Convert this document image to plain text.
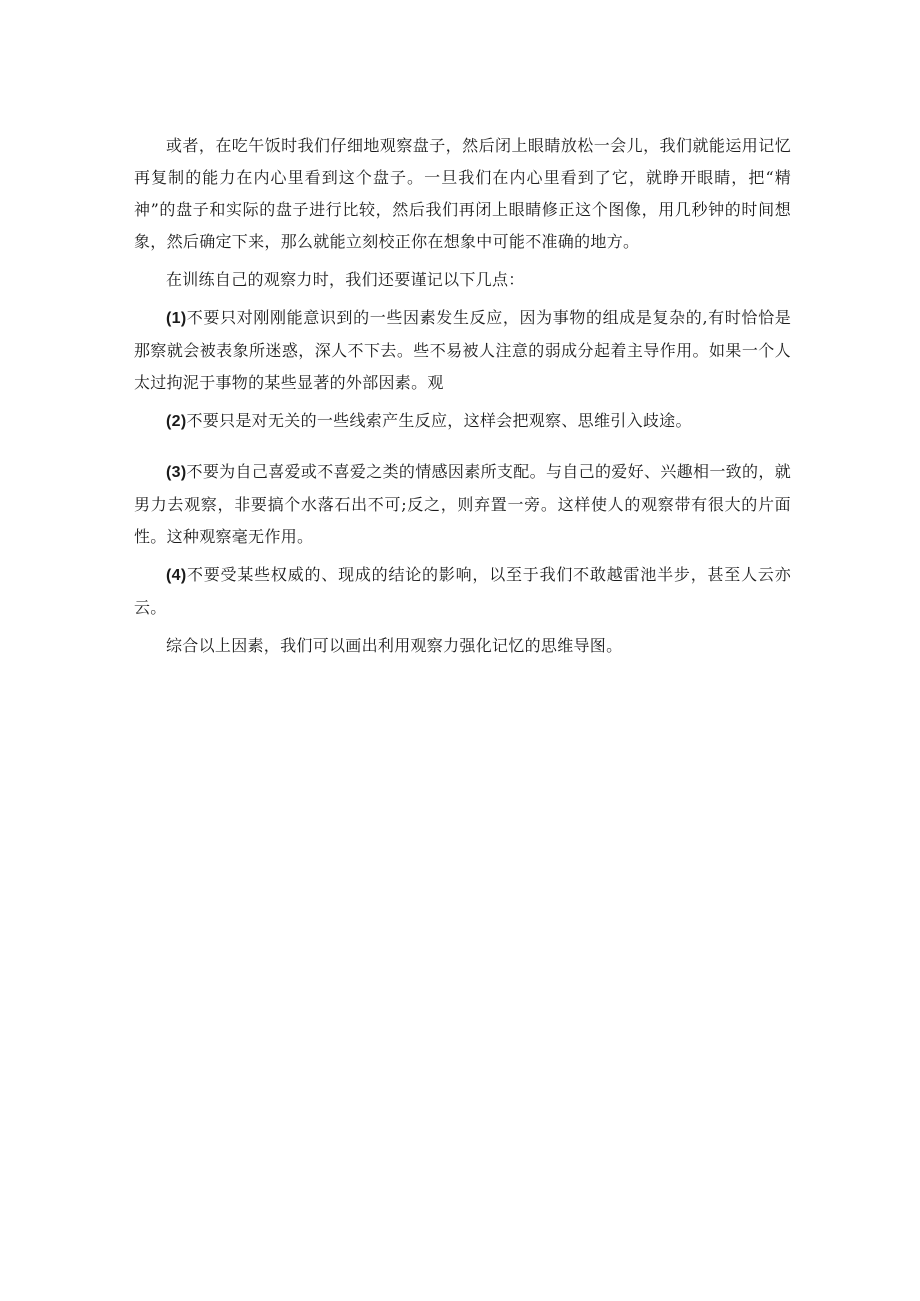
或者，在吃午饭时我们仔细地观察盘子，然后闭上眼睛放松一会儿，我们就能运用记忆再复制的能力在内心里看到这个盘子。一旦我们在内心里看到了它，就睁开眼睛，把“精神”的盘子和实际的盘子进行比较，然后我们再闭上眼睛修正这个图像，用几秒钟的时间想象，然后确定下来，那么就能立刻校正你在想象中可能不准确的地方。

在训练自己的观察力时，我们还要谨记以下几点：

(1)不要只对刚刚能意识到的一些因素发生反应，因为事物的组成是复杂的,有时恰恰是那察就会被表象所迷惑，深人不下去。些不易被人注意的弱成分起着主导作用。如果一个人太过拘泥于事物的某些显著的外部因素。观

(2)不要只是对无关的一些线索产生反应，这样会把观察、思维引入歧途。

(3)不要为自己喜爱或不喜爱之类的情感因素所支配。与自己的爱好、兴趣相一致的，就男力去观察，非要搞个水落石出不可;反之，则弃置一旁。这样使人的观察带有很大的片面性。这种观察毫无作用。

(4)不要受某些权威的、现成的结论的影响，以至于我们不敢越雷池半步，甚至人云亦云。

综合以上因素，我们可以画出利用观察力强化记忆的思维导图。
